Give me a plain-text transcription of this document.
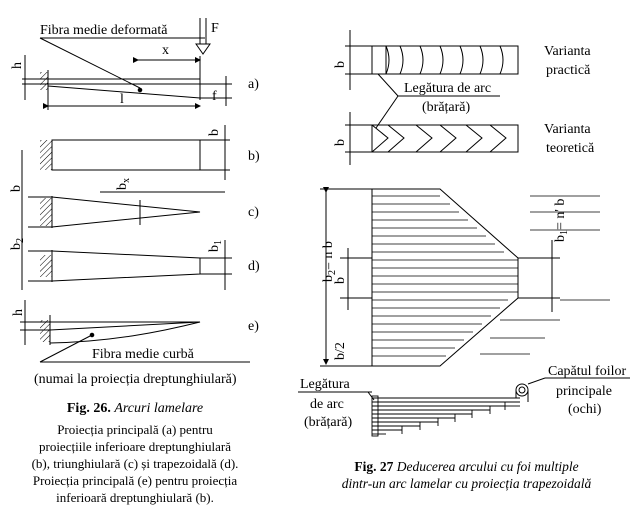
Fibra medie deformată	F
x
h
l	f
a)
b
b)
$b_x$
c)
$b_1$
d)
b
$b_2$
h
e)
Fibra medie curbă
(numai la proiecția dreptunghiulară)
b
Varianta
practică
Legătura de arc
(brățară)
b
Varianta
teoretică
$b_2= n$ b
b
b/2
$b_1= n'$ b
Capătul foilor
principale
(ochi)
Legătura
de arc
(brățară)
Fig. 26. Arcuri lamelare
Proiecția principală (a) pentru
proiecțiile inferioare dreptunghiulară
(b), triunghiulară (c) și trapezoidală (d).
Proiecția principală (e) pentru proiecția
inferioară dreptunghiulară (b).
Fig. 27 Deducerea arcului cu foi multiple
dintr-un arc lamelar cu proiecția trapezoidală
